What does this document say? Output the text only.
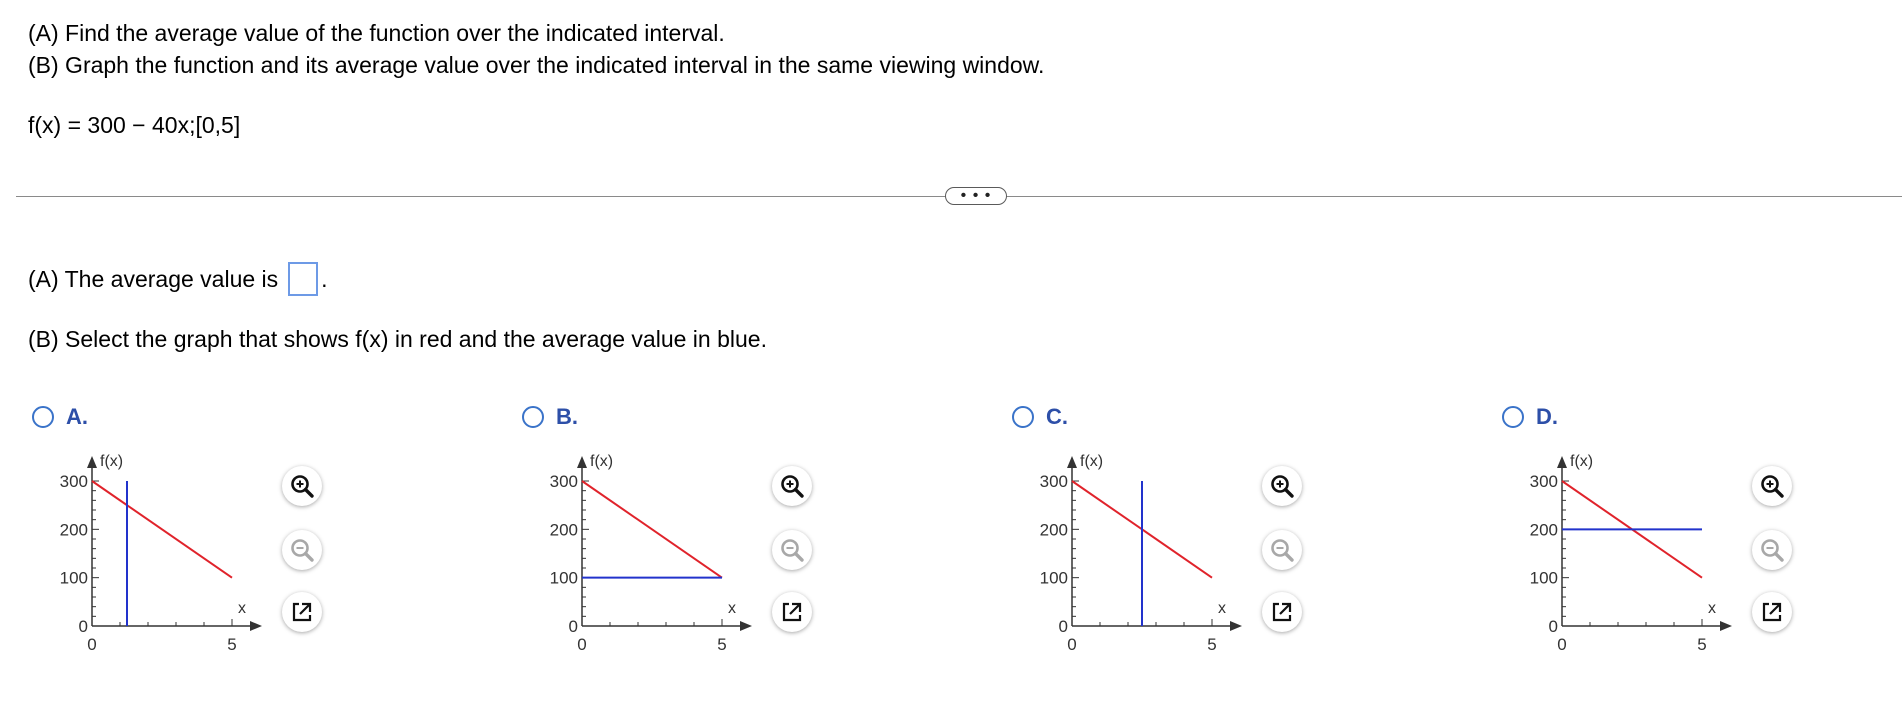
(A) Find the average value of the function over the indicated interval.
(B) Graph the function and its average value over the indicated interval in the same viewing window.
f(x) = 300 − 40x;[0,5]
• • •
(A) The average value is .
(B) Select the graph that shows f(x) in red and the average value in blue.
A.
300
200
100
0
0	5
f(x)
x
B.
300
200
100
0
0	5
f(x)
x
C.
300
200
100
0
0	5
f(x)
x
D.
300
200
100
0
0	5
f(x)
x
